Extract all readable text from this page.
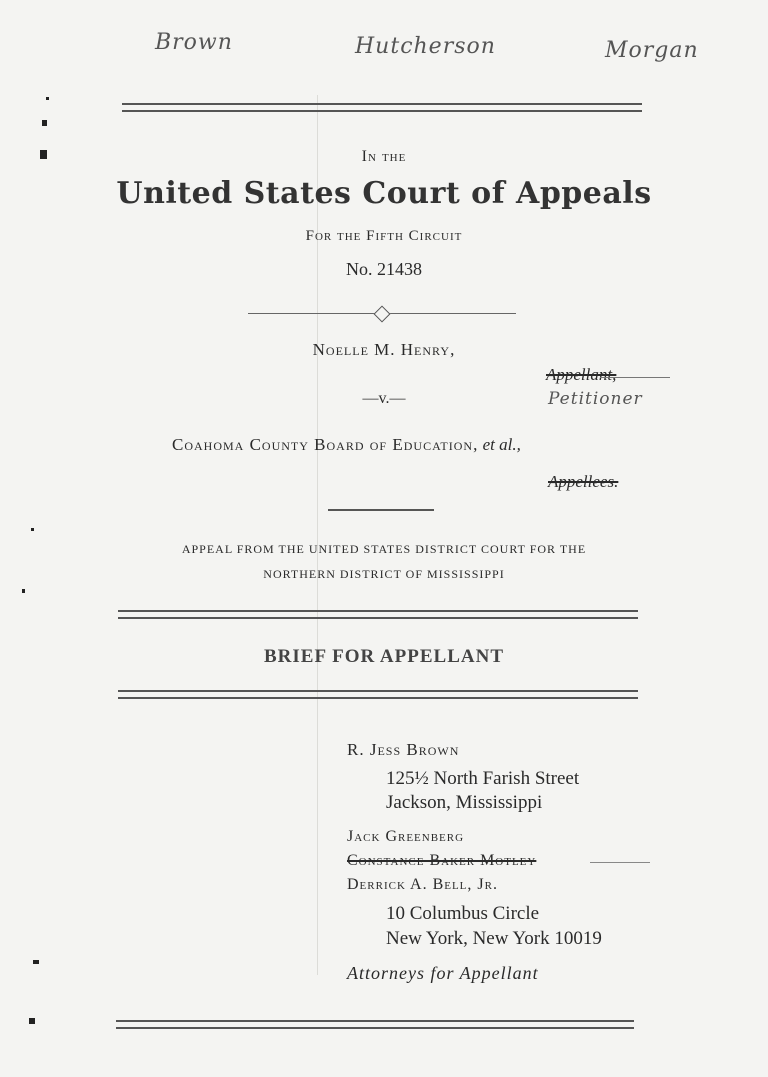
Brown	Hutcherson	Morgan
In the
United States Court of Appeals
For the Fifth Circuit
No. 21438
Noelle M. Henry,
Appellant,
Petitioner
—v.—
Coahoma County Board of Education, et al.,
Appellees.
APPEAL FROM THE UNITED STATES DISTRICT COURT FOR THE
NORTHERN DISTRICT OF MISSISSIPPI
BRIEF FOR APPELLANT
R. Jess Brown
125½ North Farish Street
Jackson, Mississippi
Jack Greenberg
Constance Baker Motley
Derrick A. Bell, Jr.
10 Columbus Circle
New York, New York 10019
Attorneys for Appellant
